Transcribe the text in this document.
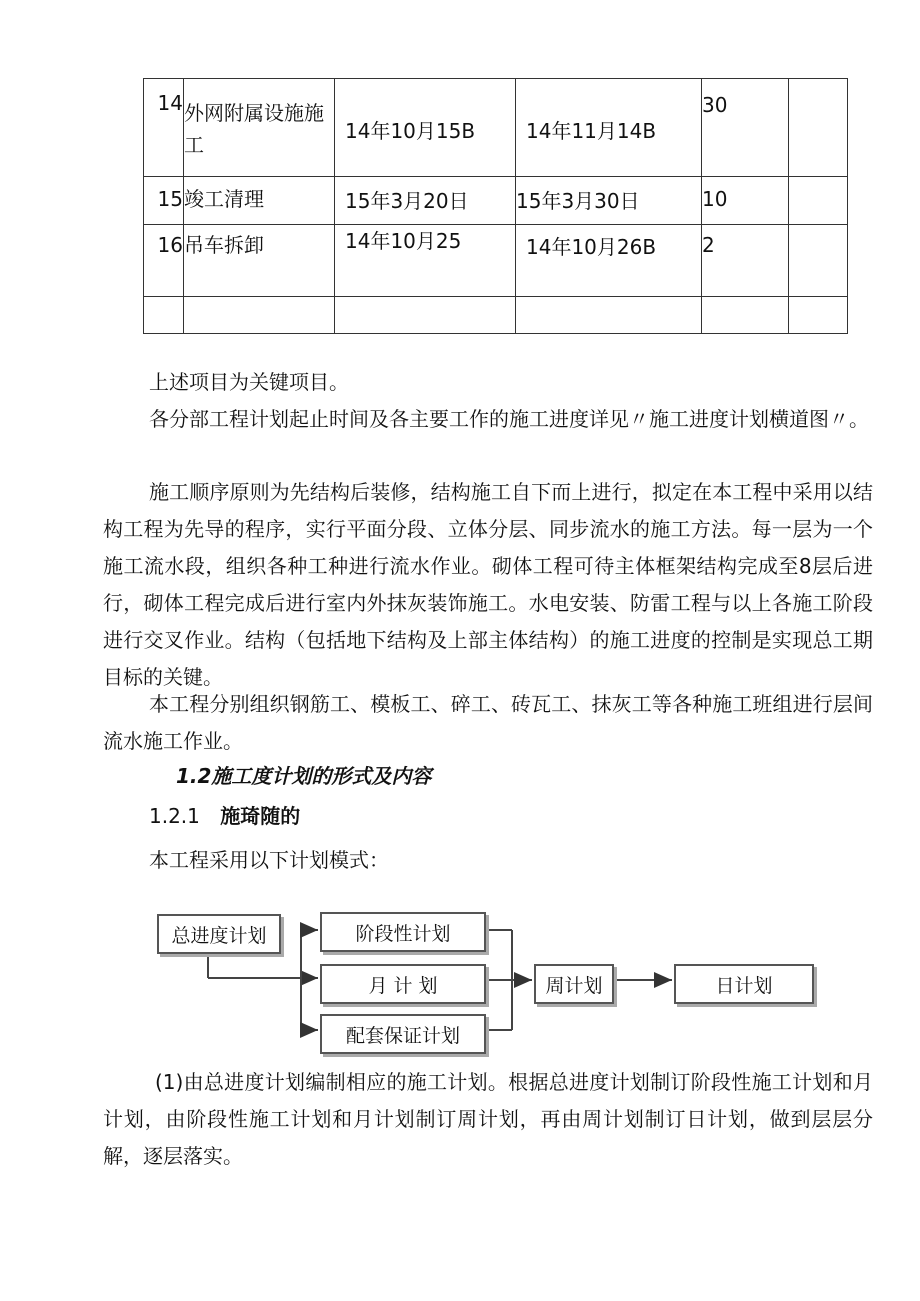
14	外网附属设施施工	14年10月15B	14年11月14B	30	
15	竣工清理	15年3月20日	15年3月30日	10	
16	吊车拆卸	14年10月25	14年10月26B	2	

上述项目为关键项目。

各分部工程计划起止时间及各主要工作的施工进度详见〃施工进度计划横道图〃。

施工顺序原则为先结构后装修，结构施工自下而上进行，拟定在本工程中采用以结构工程为先导的程序，实行平面分段、立体分层、同步流水的施工方法。每一层为一个施工流水段，组织各种工种进行流水作业。砌体工程可待主体框架结构完成至8层后进行，砌体工程完成后进行室内外抹灰装饰施工。水电安装、防雷工程与以上各施工阶段进行交叉作业。结构（包括地下结构及上部主体结构）的施工进度的控制是实现总工期目标的关键。

本工程分别组织钢筋工、模板工、碎工、砖瓦工、抹灰工等各种施工班组进行层间流水施工作业。

1.2施工度计划的形式及内容

1.2.1 施琦随的

本工程采用以下计划模式：

总进度计划	阶段性计划
月 计 划
配套保证计划
周计划	日计划

(1)由总进度计划编制相应的施工计划。根据总进度计划制订阶段性施工计划和月计划，由阶段性施工计划和月计划制订周计划，再由周计划制订日计划，做到层层分解，逐层落实。
